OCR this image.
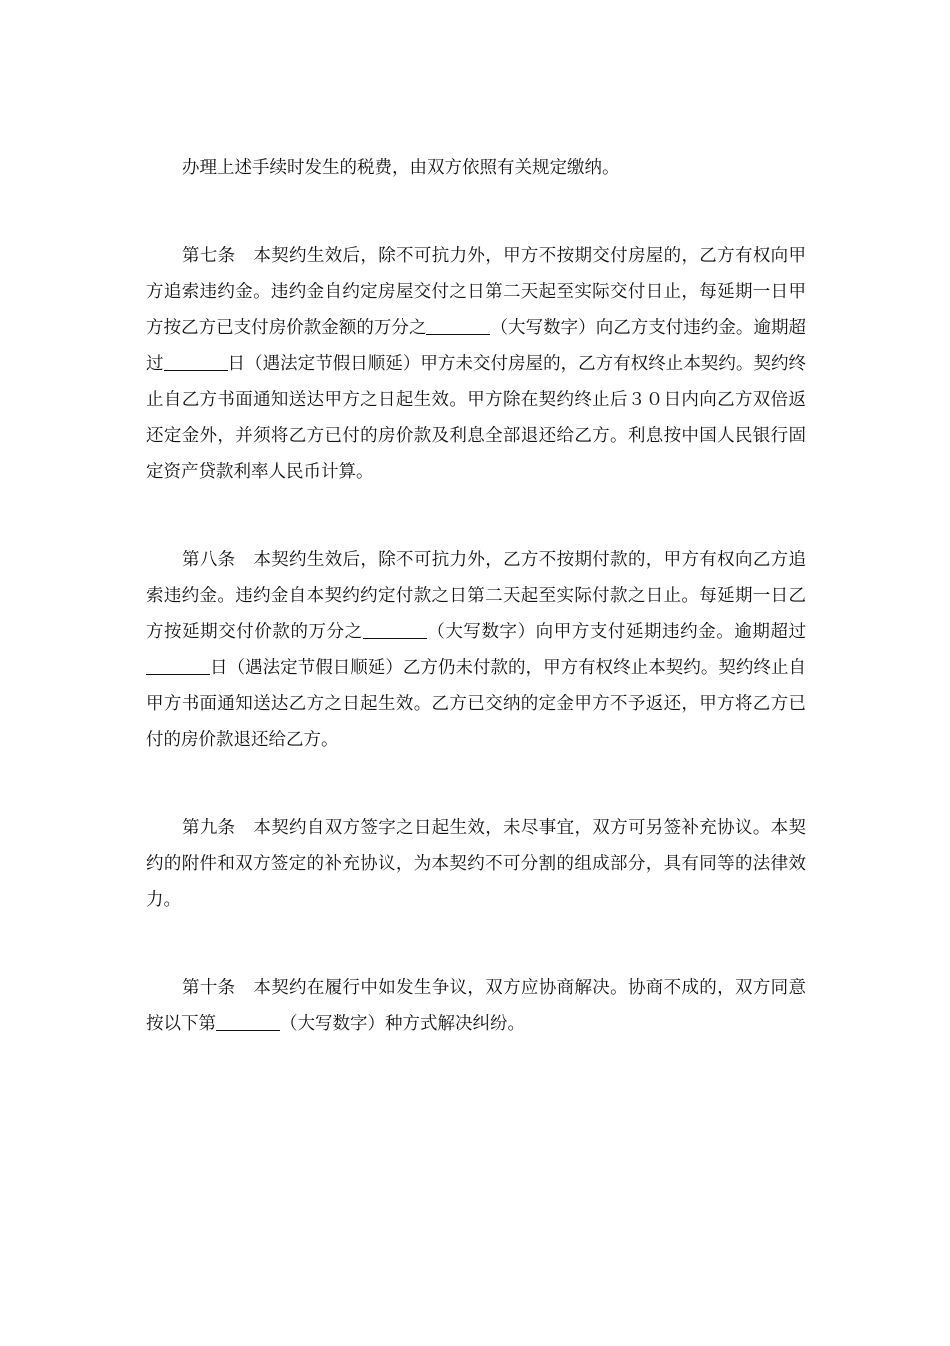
办理上述手续时发生的税费，由双方依照有关规定缴纳。

第七条　本契约生效后，除不可抗力外，甲方不按期交付房屋的，乙方有权向甲方追索违约金。违约金自约定房屋交付之日第二天起至实际交付日止，每延期一日甲方按乙方已支付房价款金额的万分之	（大写数字）向乙方支付违约金。逾期超过	日（遇法定节假日顺延）甲方未交付房屋的，乙方有权终止本契约。契约终止自乙方书面通知送达甲方之日起生效。甲方除在契约终止后３０日内向乙方双倍返还定金外，并须将乙方已付的房价款及利息全部退还给乙方。利息按中国人民银行固定资产贷款利率人民币计算。

第八条　本契约生效后，除不可抗力外，乙方不按期付款的，甲方有权向乙方追索违约金。违约金自本契约约定付款之日第二天起至实际付款之日止。每延期一日乙方按延期交付价款的万分之	（大写数字）向甲方支付延期违约金。逾期超过日（遇法定节假日顺延）乙方仍未付款的，甲方有权终止本契约。契约终止自甲方书面通知送达乙方之日起生效。乙方已交纳的定金甲方不予返还，甲方将乙方已付的房价款退还给乙方。

第九条　本契约自双方签字之日起生效，未尽事宜，双方可另签补充协议。本契约的附件和双方签定的补充协议，为本契约不可分割的组成部分，具有同等的法律效力。

第十条　本契约在履行中如发生争议，双方应协商解决。协商不成的，双方同意按以下第	（大写数字）种方式解决纠纷。
